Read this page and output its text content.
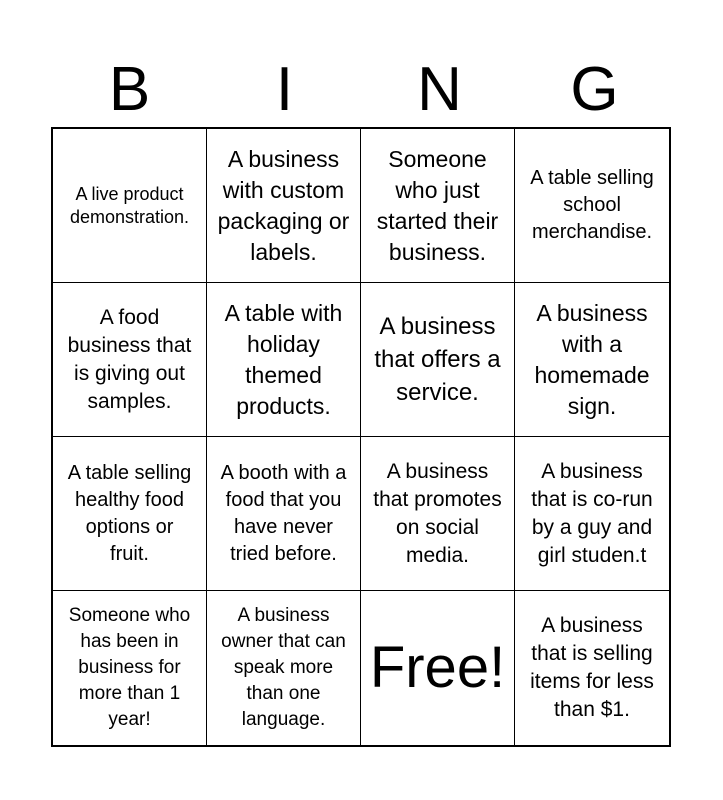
B	I	N	G
A live product demonstration.
A business with custom packaging or labels.
Someone who just started their business.
A table selling school merchandise.
A food business that is giving out samples.
A table with holiday themed products.
A business that offers a service.
A business with a homemade sign.
A table selling healthy food options or fruit.
A booth with a food that you have never tried before.
A business that promotes on social media.
A business that is co-run by a guy and girl studen.t
Someone who has been in business for more than 1 year!
A business owner that can speak more than one language.
Free!
A business that is selling items for less than $1.
